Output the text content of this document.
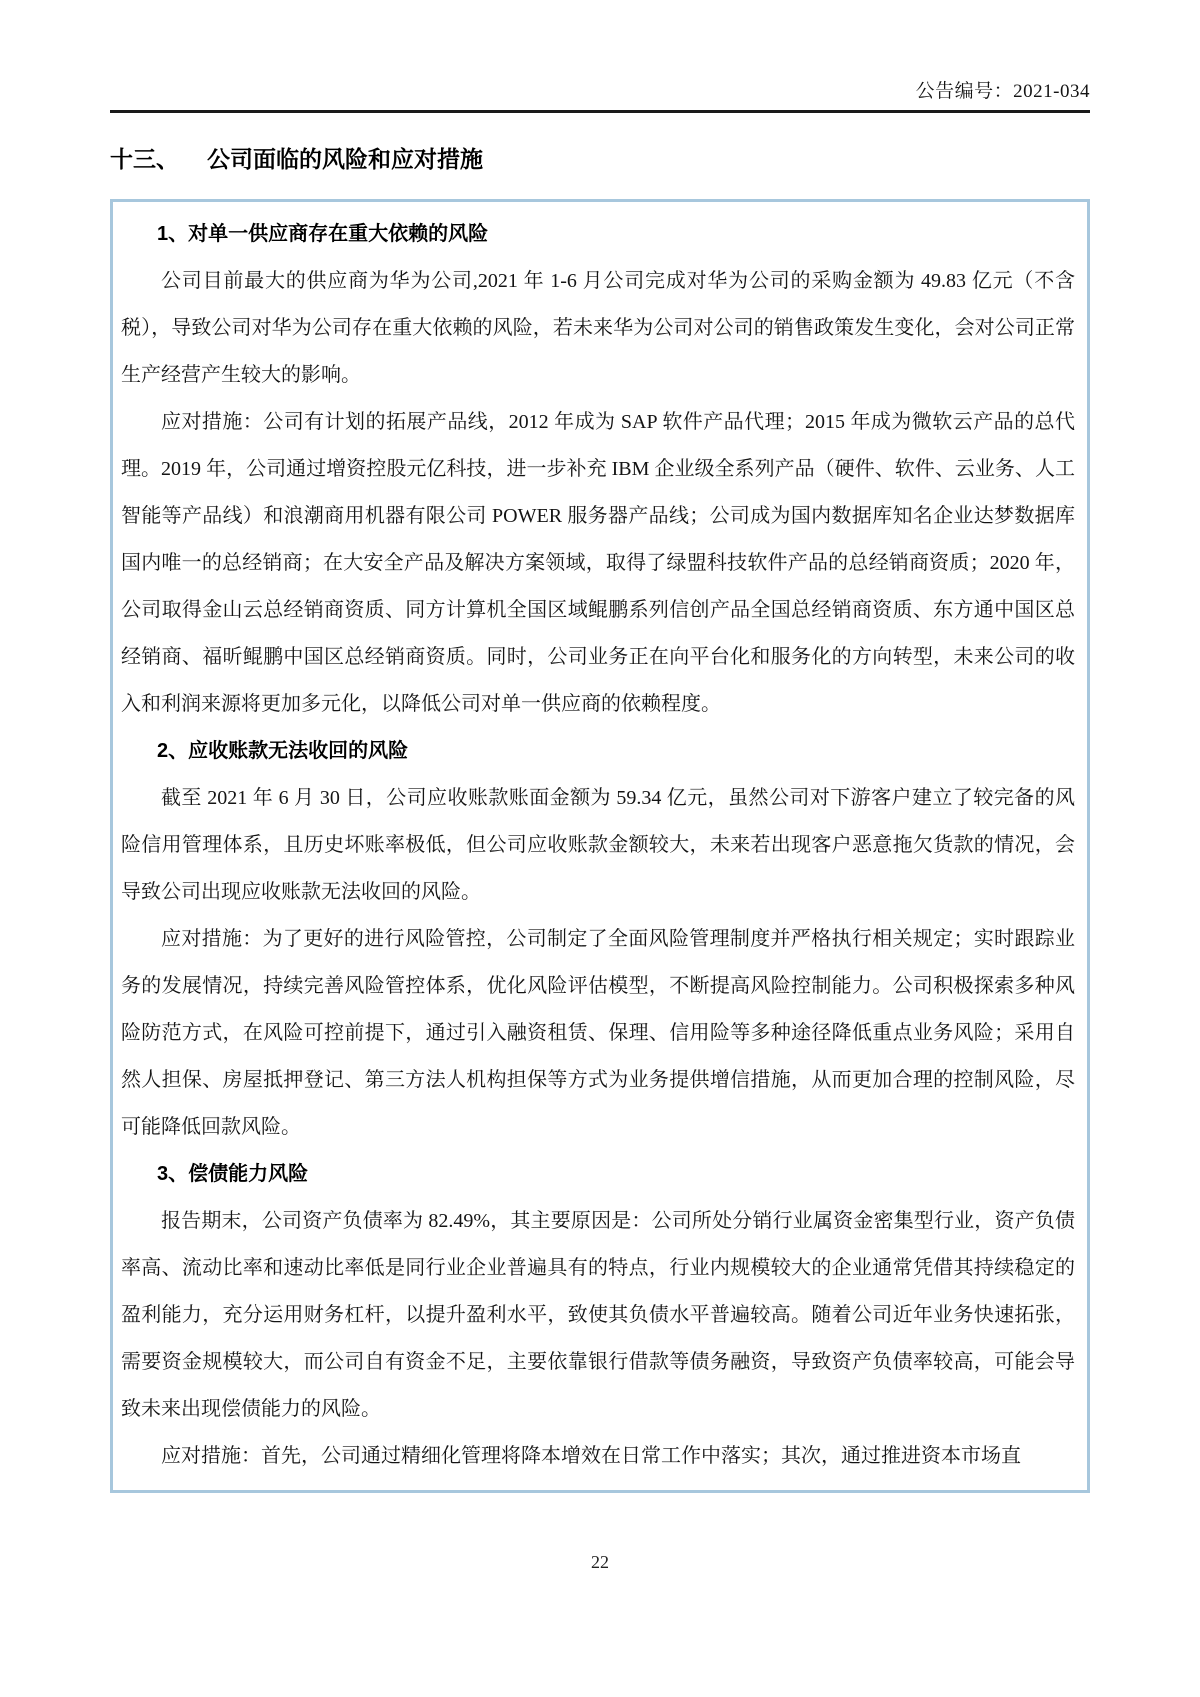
公告编号：2021-034
十三、 公司面临的风险和应对措施

1、对单一供应商存在重大依赖的风险

公司目前最大的供应商为华为公司,2021 年 1-6 月公司完成对华为公司的采购金额为 49.83 亿元（不含税），导致公司对华为公司存在重大依赖的风险，若未来华为公司对公司的销售政策发生变化，会对公司正常生产经营产生较大的影响。

应对措施：公司有计划的拓展产品线，2012 年成为 SAP 软件产品代理；2015 年成为微软云产品的总代理。2019 年，公司通过增资控股元亿科技，进一步补充 IBM 企业级全系列产品（硬件、软件、云业务、人工智能等产品线）和浪潮商用机器有限公司 POWER 服务器产品线；公司成为国内数据库知名企业达梦数据库国内唯一的总经销商；在大安全产品及解决方案领域，取得了绿盟科技软件产品的总经销商资质；2020 年，公司取得金山云总经销商资质、同方计算机全国区域鲲鹏系列信创产品全国总经销商资质、东方通中国区总经销商、福昕鲲鹏中国区总经销商资质。同时，公司业务正在向平台化和服务化的方向转型，未来公司的收入和利润来源将更加多元化，以降低公司对单一供应商的依赖程度。

2、应收账款无法收回的风险

截至 2021 年 6 月 30 日，公司应收账款账面金额为 59.34 亿元，虽然公司对下游客户建立了较完备的风险信用管理体系，且历史坏账率极低，但公司应收账款金额较大，未来若出现客户恶意拖欠货款的情况，会导致公司出现应收账款无法收回的风险。

应对措施：为了更好的进行风险管控，公司制定了全面风险管理制度并严格执行相关规定；实时跟踪业务的发展情况，持续完善风险管控体系，优化风险评估模型，不断提高风险控制能力。公司积极探索多种风险防范方式，在风险可控前提下，通过引入融资租赁、保理、信用险等多种途径降低重点业务风险；采用自然人担保、房屋抵押登记、第三方法人机构担保等方式为业务提供增信措施，从而更加合理的控制风险，尽可能降低回款风险。

3、偿债能力风险

报告期末，公司资产负债率为 82.49%，其主要原因是：公司所处分销行业属资金密集型行业，资产负债率高、流动比率和速动比率低是同行业企业普遍具有的特点，行业内规模较大的企业通常凭借其持续稳定的盈利能力，充分运用财务杠杆，以提升盈利水平，致使其负债水平普遍较高。随着公司近年业务快速拓张，需要资金规模较大，而公司自有资金不足，主要依靠银行借款等债务融资，导致资产负债率较高，可能会导致未来出现偿债能力的风险。

应对措施：首先，公司通过精细化管理将降本增效在日常工作中落实；其次，通过推进资本市场直

22
